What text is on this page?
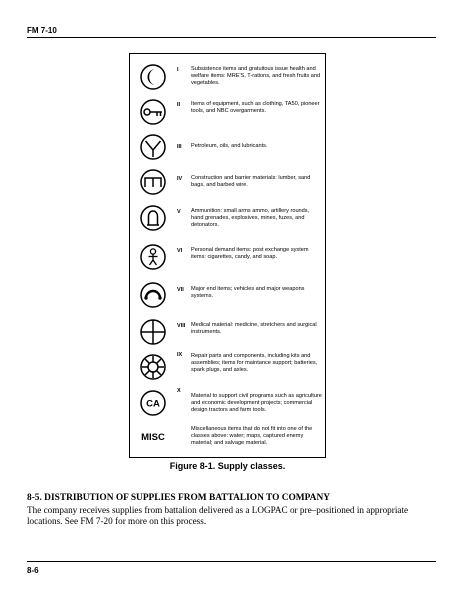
FM 7-10
I Subsistence items and gratuitous issue health and welfare items: MRE'S, T-rations, and fresh fruits and vegetables.
II Items of equipment, such as clothing, TA50, pioneer tools, and NBC overgarments.
III Petroleum, oils, and lubricants.
IV Construction and barrier materials: lumber, sand bags, and barbed wire.
V Ammunition: small arms ammo, artillery rounds, hand grenades, explosives, mines, fuzes, and detonators.
VI Personal demand items: post exchange system items: cigarettes, candy, and soap.
VII Major end items; vehicles and major weapons systems.
VIII Medical material: medicine, stretchers and surgical instruments.
IX Repair parts and components, including kits and assemblies; items for maintance support; batteries, spark plugs, and axles.
CA
X
Material to support civil programs such as agriculture and economic development projects; commercial design tractors and farm tools.
MISC
Miscellaneous items that do not fit into one of the classes above: water; maps, captured enemy material; and salvage material.
Figure 8-1. Supply classes.
8-5. DISTRIBUTION OF SUPPLIES FROM BATTALION TO COMPANY
The company receives supplies from battalion delivered as a LOGPAC or pre–positioned in appropriate locations. See FM 7-20 for more on this process.
8-6
